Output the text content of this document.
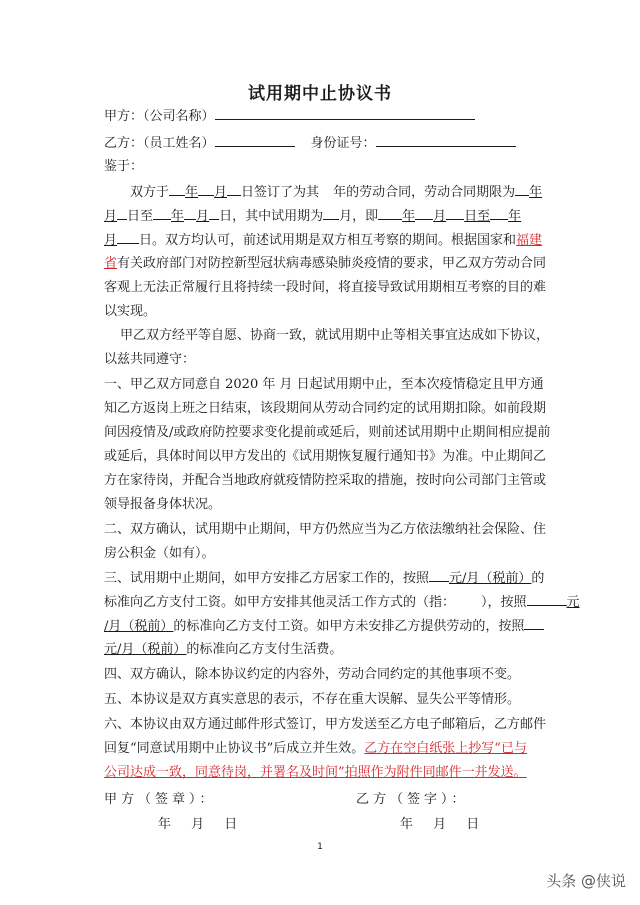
试用期中止协议书
甲方：（公司名称）
乙方：（员工姓名）	身份证号：
鉴于：
双方于 年 月 日签订了为其 年的劳动合同，劳动合同期限为 年
月 日至 年 月 日，其中试用期为 月，即 年 月 日至 年
月 日。双方均认可，前述试用期是双方相互考察的期间。根据国家和福建
省有关政府部门对防控新型冠状病毒感染肺炎疫情的要求，甲乙双方劳动合同
客观上无法正常履行且将持续一段时间，将直接导致试用期相互考察的目的难
以实现。
甲乙双方经平等自愿、协商一致，就试用期中止等相关事宜达成如下协议，
以兹共同遵守：
一、甲乙双方同意自 2020 年 月 日起试用期中止，至本次疫情稳定且甲方通
知乙方返岗上班之日结束，该段期间从劳动合同约定的试用期扣除。如前段期
间因疫情及/或政府防控要求变化提前或延后，则前述试用期中止期间相应提前
或延后，具体时间以甲方发出的《试用期恢复履行通知书》为准。中止期间乙
方在家待岗，并配合当地政府就疫情防控采取的措施，按时向公司部门主管或
领导报备身体状况。
二、双方确认，试用期中止期间，甲方仍然应当为乙方依法缴纳社会保险、住
房公积金（如有）。
三、试用期中止期间，如甲方安排乙方居家工作的，按照 元/月（税前）的
标准向乙方支付工资。如甲方安排其他灵活工作方式的（指： ），按照	元
/月（税前）的标准向乙方支付工资。如甲方未安排乙方提供劳动的，按照
元/月（税前）的标准向乙方支付生活费。
四、双方确认，除本协议约定的内容外，劳动合同约定的其他事项不变。
五、本协议是双方真实意思的表示，不存在重大误解、显失公平等情形。
六、本协议由双方通过邮件形式签订，甲方发送至乙方电子邮箱后，乙方邮件
回复“同意试用期中止协议书”后成立并生效。乙方在空白纸张上抄写“已与
公司达成一致，同意待岗，并署名及时间”拍照作为附件同邮件一并发送。
甲方（签章）：	乙方（签字）：
年 月 日	年 月 日
1
头条 @侠说
